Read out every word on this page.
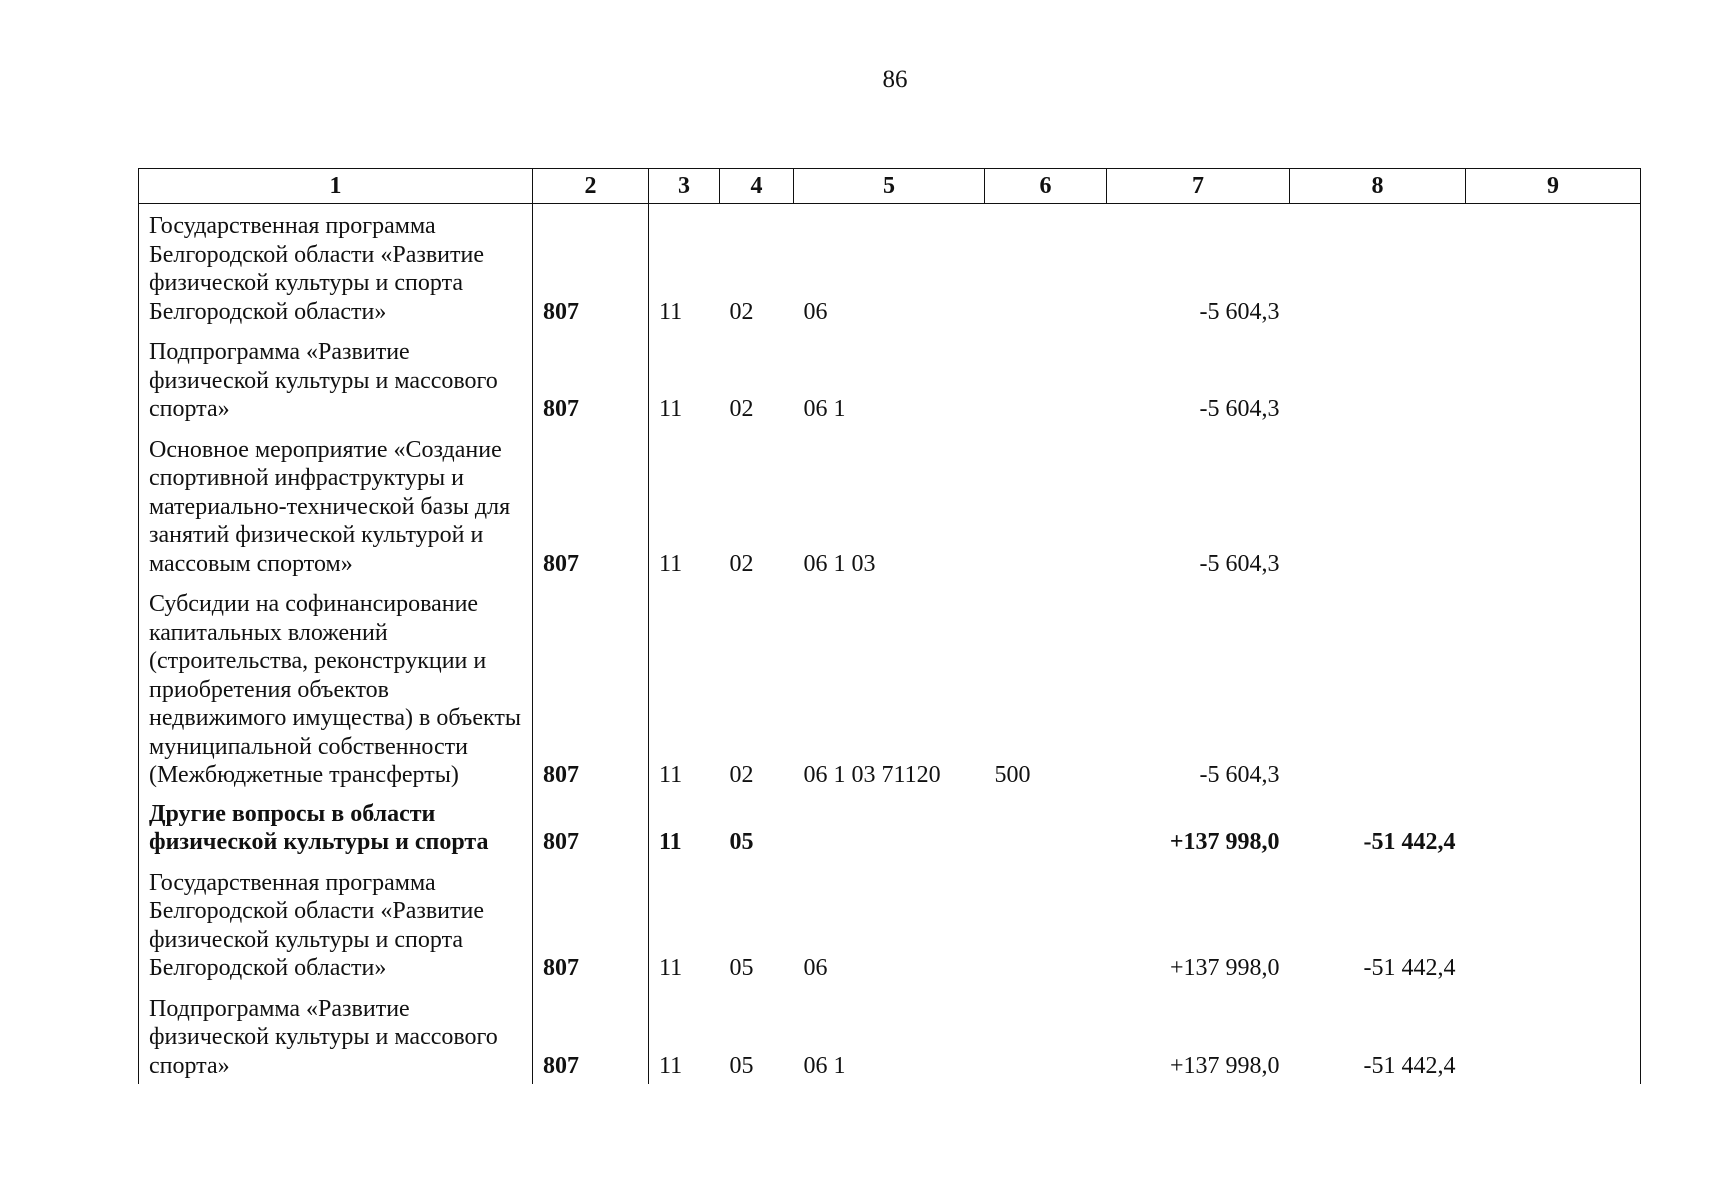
86
1	2	3	4	5	6	7	8	9
Государственная программа Белгородской области «Развитие физической культуры и спорта Белгородской области»	807	11	02	06		-5 604,3		
Подпрограмма «Развитие физической культуры и массового спорта»	807	11	02	06 1		-5 604,3		
Основное мероприятие «Создание спортивной инфраструктуры и материально-технической базы для занятий физической культурой и массовым спортом»	807	11	02	06 1 03		-5 604,3		
Субсидии на софинансирование капитальных вложений (строительства, реконструкции и приобретения объектов недвижимого имущества) в объекты муниципальной собственности (Межбюджетные трансферты)	807	11	02	06 1 03 71120	500	-5 604,3		
Другие вопросы в области физической культуры и спорта	807	11	05			+137 998,0	-51 442,4	
Государственная программа Белгородской области «Развитие физической культуры и спорта Белгородской области»	807	11	05	06		+137 998,0	-51 442,4	
Подпрограмма «Развитие физической культуры и массового спорта»	807	11	05	06 1		+137 998,0	-51 442,4	
